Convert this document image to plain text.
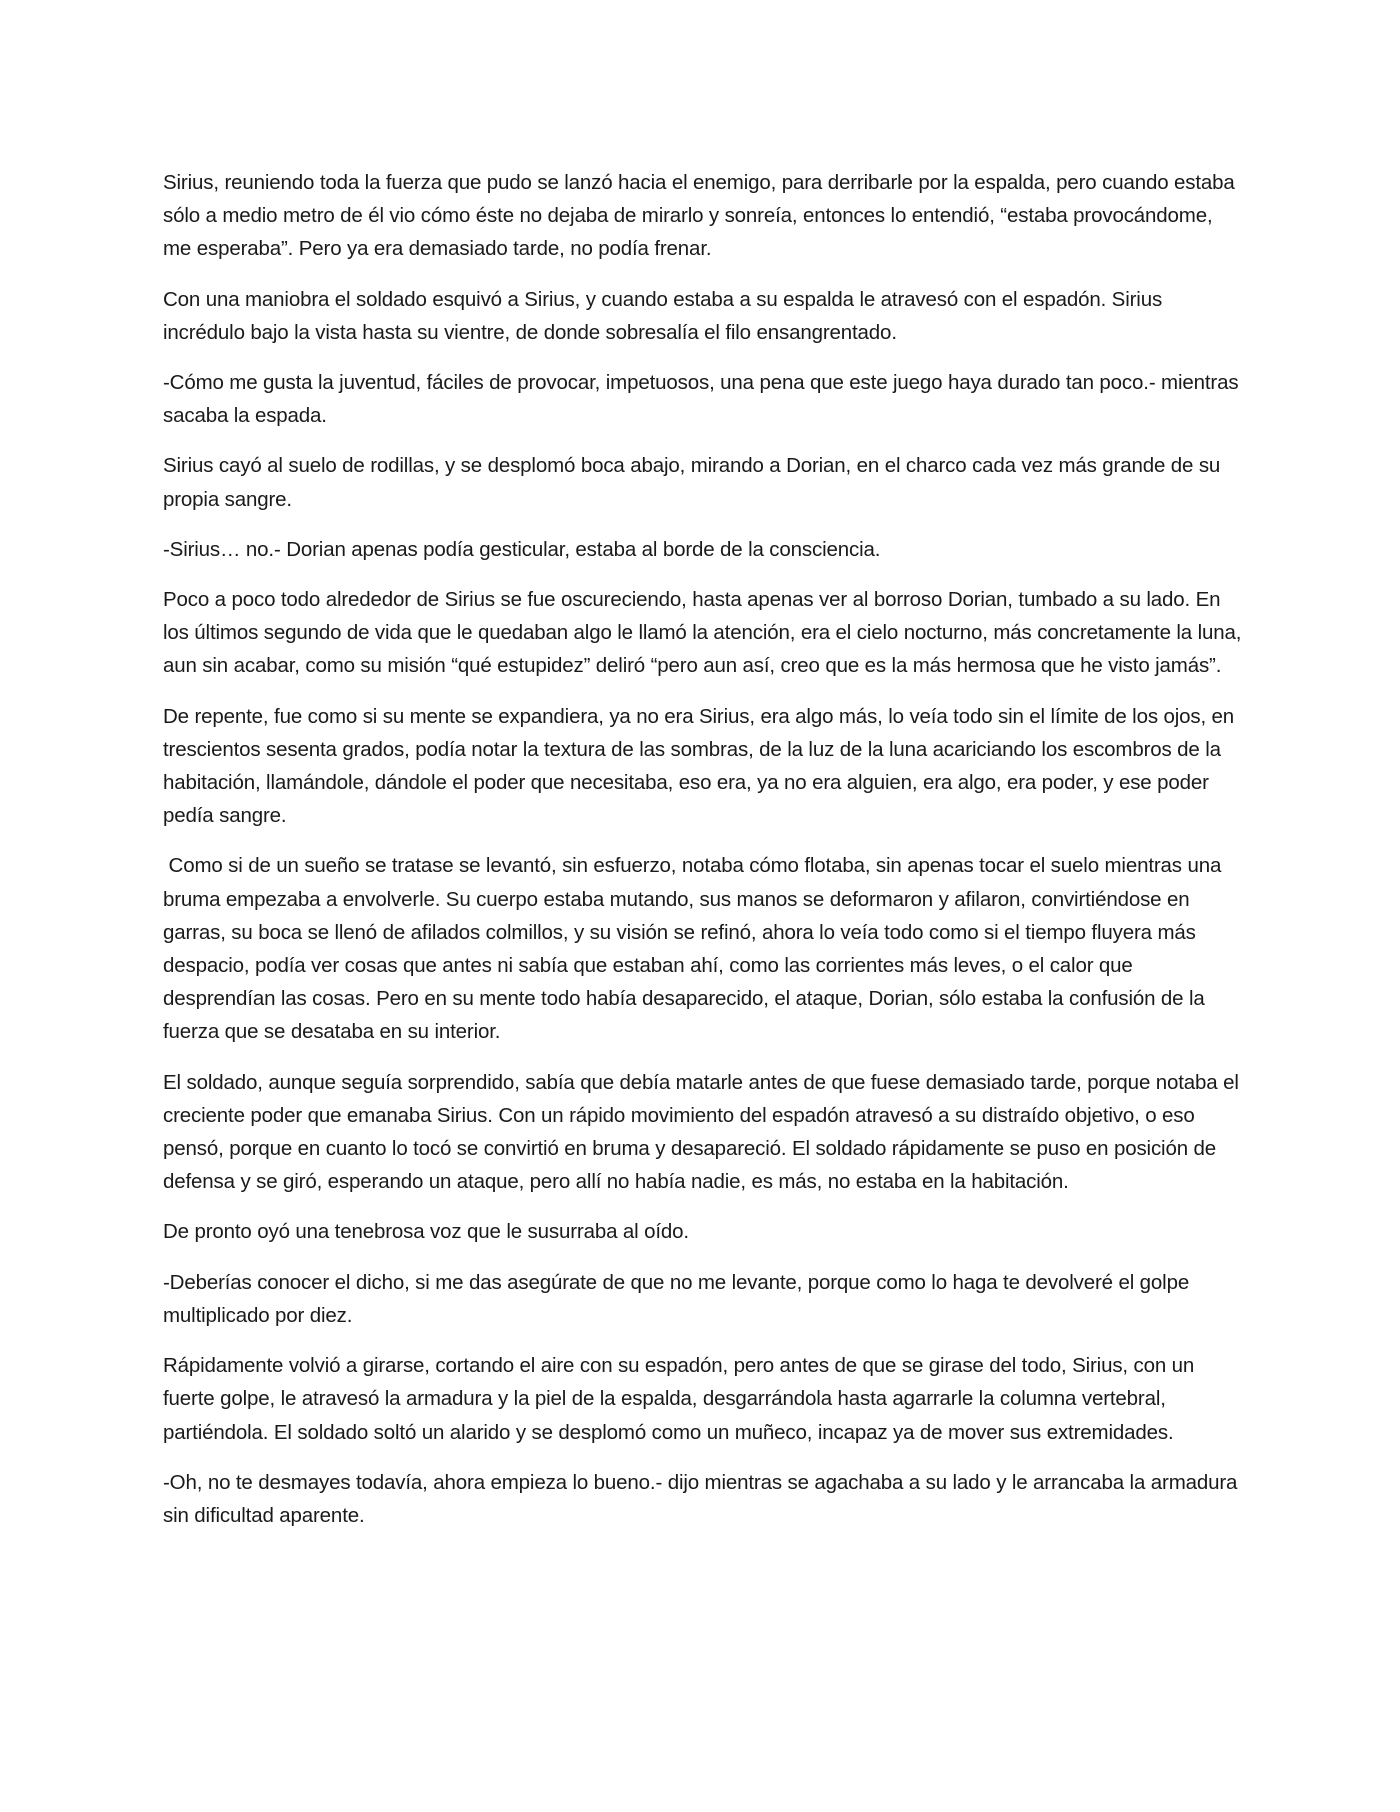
Sirius, reuniendo toda la fuerza que pudo se lanzó hacia el enemigo, para derribarle por la espalda, pero cuando estaba sólo a medio metro de él vio cómo éste no dejaba de mirarlo y sonreía, entonces lo entendió, “estaba provocándome, me esperaba”. Pero ya era demasiado tarde, no podía frenar.

Con una maniobra el soldado esquivó a Sirius, y cuando estaba a su espalda le atravesó con el espadón. Sirius incrédulo bajo la vista hasta su vientre, de donde sobresalía el filo ensangrentado.

-Cómo me gusta la juventud, fáciles de provocar, impetuosos, una pena que este juego haya durado tan poco.- mientras sacaba la espada.

Sirius cayó al suelo de rodillas, y se desplomó boca abajo, mirando a Dorian, en el charco cada vez más grande de su propia sangre.

-Sirius… no.- Dorian apenas podía gesticular, estaba al borde de la consciencia.

Poco a poco todo alrededor de Sirius se fue oscureciendo, hasta apenas ver al borroso Dorian, tumbado a su lado. En los últimos segundo de vida que le quedaban algo le llamó la atención, era el cielo nocturno, más concretamente la luna, aun sin acabar, como su misión “qué estupidez” deliró “pero aun así, creo que es la más hermosa que he visto jamás”.

De repente, fue como si su mente se expandiera, ya no era Sirius, era algo más, lo veía todo sin el límite de los ojos, en trescientos sesenta grados, podía notar la textura de las sombras, de la luz de la luna acariciando los escombros de la habitación, llamándole, dándole el poder que necesitaba, eso era, ya no era alguien, era algo, era poder, y ese poder pedía sangre.

Como si de un sueño se tratase se levantó, sin esfuerzo, notaba cómo flotaba, sin apenas tocar el suelo mientras una bruma empezaba a envolverle. Su cuerpo estaba mutando, sus manos se deformaron y afilaron, convirtiéndose en garras, su boca se llenó de afilados colmillos, y su visión se refinó, ahora lo veía todo como si el tiempo fluyera más despacio, podía ver cosas que antes ni sabía que estaban ahí, como las corrientes más leves, o el calor que desprendían las cosas. Pero en su mente todo había desaparecido, el ataque, Dorian, sólo estaba la confusión de la fuerza que se desataba en su interior.

El soldado, aunque seguía sorprendido, sabía que debía matarle antes de que fuese demasiado tarde, porque notaba el creciente poder que emanaba Sirius. Con un rápido movimiento del espadón atravesó a su distraído objetivo, o eso pensó, porque en cuanto lo tocó se convirtió en bruma y desapareció. El soldado rápidamente se puso en posición de defensa y se giró, esperando un ataque, pero allí no había nadie, es más, no estaba en la habitación.

De pronto oyó una tenebrosa voz que le susurraba al oído.

-Deberías conocer el dicho, si me das asegúrate de que no me levante, porque como lo haga te devolveré el golpe multiplicado por diez.

Rápidamente volvió a girarse, cortando el aire con su espadón, pero antes de que se girase del todo, Sirius, con un fuerte golpe, le atravesó la armadura y la piel de la espalda, desgarrándola hasta agarrarle la columna vertebral, partiéndola. El soldado soltó un alarido y se desplomó como un muñeco, incapaz ya de mover sus extremidades.

-Oh, no te desmayes todavía, ahora empieza lo bueno.- dijo mientras se agachaba a su lado y le arrancaba la armadura sin dificultad aparente.
